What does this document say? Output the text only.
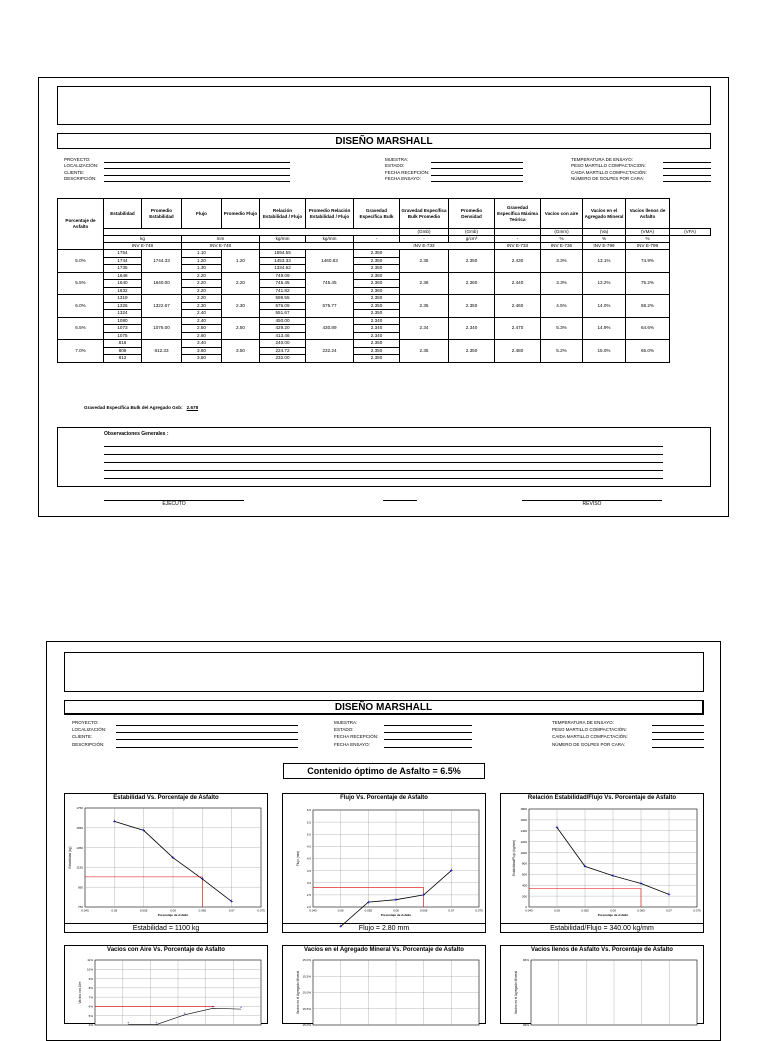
DISEÑO MARSHALL
PROYECTO:
LOCALIZACIÓN:
CLIENTE:
DESCRIPCIÓN:
MUESTRA:
ESTADO:
FECHA RECEPCIÓN:
FECHA ENSAYO:
TEMPERATURA DE ENSAYO:
PESO MARTILLO COMPACTACION:
CAIDA MARTILLO COMPACTACIÓN:
NÚMERO DE GOLPES POR CARA:
Porcentaje de Asfalto	Estabilidad	Promedio Estabilidad	Flujo	Promedio Flujo	Relación Estabilidad / Flujo	Promedio Relación Estabilidad / Flujo	Gravedad Específica Bulk	Gravedad Específica Bulk Promedio	Promedio Densidad	Gravedad Específica Máxima Teórica	Vacíos con aire	Vacíos en el Agregado Mineral	Vacíos llenos de Asfalto	
								(Gmb)	(Gmb)		(Gmm)	(Va)	(VMA)	(VFA)
	kg		mm		kg/mm	kg/mm	-	-	g/cm³	-	%	%	%	
	INV E-748		INV E-748				INV E-733			INV E-733	INV E-736	INV E-799	INV E-799	
5.0%	1754	1744.33	1.10	1.20	1594.55	1460.83	2.350	2.35	2.350	2.430	3.3%	13.1%	74.9%	
	1744		1.20		1453.33		2.350							
	1735		1.30		1334.62		2.350							
5.5%	1648	1640.00	2.20	2.20	749.09	745.45	2.360	2.36	2.360	2.440	3.3%	13.2%	75.2%	
	1640		2.20		745.45		2.360							
	1632		2.20		741.82		2.360							
6.0%	1319	1322.67	2.20	2.30	599.55	575.77	2.350	2.35	2.350	2.460	4.5%	14.0%	68.2%	
	1325		2.30		576.09		2.350							
	1324		2.40		551.67		2.350							
6.5%	1080	1076.00	2.40	2.50	450.00	430.89	2.340	2.34	2.340	2.470	5.3%	14.9%	64.6%	
	1073		2.50		429.20		2.340							
	1075		2.60		413.46		2.340							
7.0%	816	812.33	3.40	3.50	240.00	232.24	2.350	2.35	2.350	2.480	5.2%	15.0%	65.0%	
	809		3.60		224.72		2.350							
	812		3.50		232.00		2.350							
Gravedad Específica Bulk del Agregado Gsb: 2.678
Observaciones Generales :
EJECUTO	REVISO
DISEÑO MARSHALL
PROYECTO:
LOCALIZACIÓN:
CLIENTE:
DESCRIPCIÓN:
MUESTRA:
ESTADO:
FECHA RECEPCIÓN:
FECHA ENSAYO:
TEMPERATURA DE ENSAYO:
PESO MARTILLO COMPACTACIÓN:
CAIDA MARTILLO COMPACTACIÓN:
NÚMERO DE GOLPES POR CARA:
Contenido óptimo de Asfalto = 6.5%
Estabilidad Vs. Porcentaje de Asfalto
750
950
1150
1350
1550
1750
0.045	0.05	0.055	0.06	0.065	0.07	0.075
Porcentaje de Asfalto
Estabilidad (kg)
+
+
+
+
+
Estabilidad = 1100 kg
Flujo Vs. Porcentaje de Asfalto
2.0
2.5
3.0
3.5
4.0
4.5
5.0
5.5
6.0
0.045	0.05	0.055	0.06	0.065	0.07	0.075
Porcentaje de Asfalto
Flujo (mm)
+
+	+
+
+
Flujo = 2.80 mm
Relación Estabilidad/Flujo Vs. Porcentaje de Asfalto
0
200
400
600
800
1000
1200
1400
1600
1800
0.045	0.05	0.055	0.06	0.065	0.07	0.075
Porcentaje de Asfalto
Estabilidad/Flujo (kg/mm)
+
+
+
+
+
Estabilidad/Flujo = 340.00 kg/mm
Vacíos con Aire Vs. Porcentaje de Asfalto
4%
5%
6%
7%
8%
9%
10%
11%
Vacíos con Aire
+	+
+
+	+
Vacíos en el Agregado Mineral Vs. Porcentaje de Asfalto
15.0%
15.5%
15.0%
15.5%
15.0%
Vacíos en el Agregado Mineral
Vacíos llenos de Asfalto Vs. Porcentaje de Asfalto
99%
96%
Vacíos en el Agregado Mineral
